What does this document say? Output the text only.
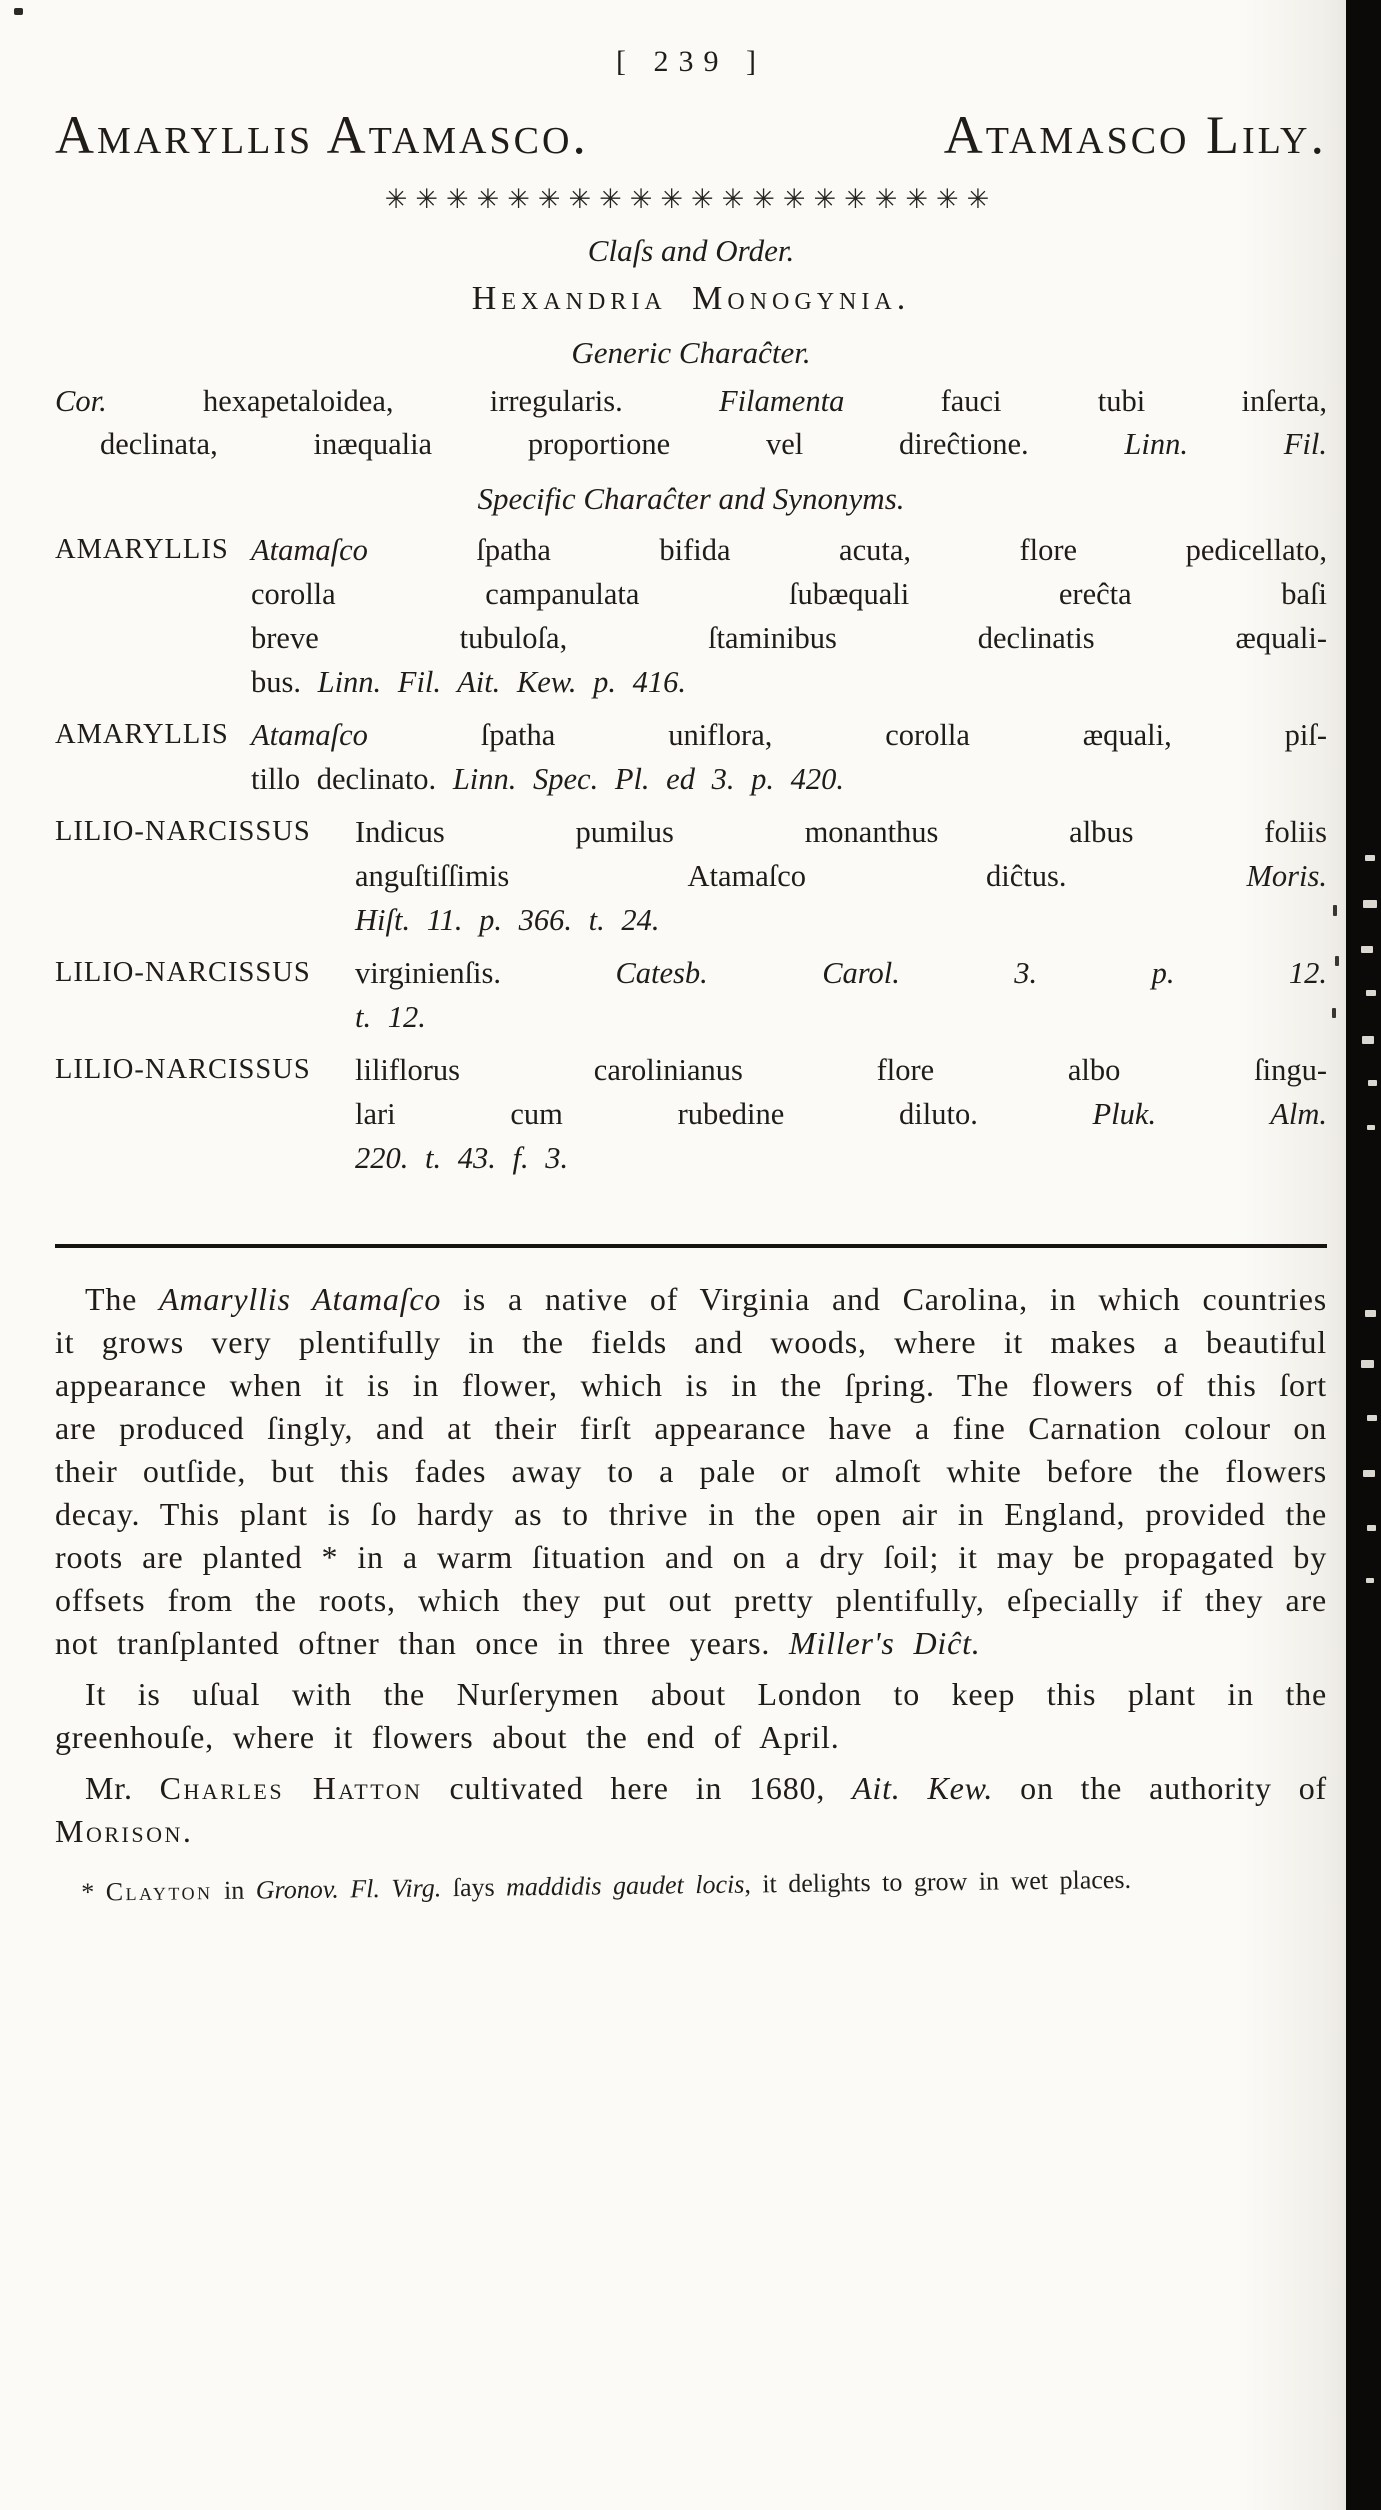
[ 239 ]
Amaryllis Atamasco.	Atamasco Lily.
✳✳✳✳✳✳✳✳✳✳✳✳✳✳✳✳✳✳✳✳
Claſs and Order.
Hexandria Monogynia.
Generic Charaĉter.
Cor. hexapetaloidea, irregularis. Filamenta fauci tubi inſerta,
declinata, inæqualia proportione vel direĉtione. Linn. Fil.
Specific Charaĉter and Synonyms.
AMARYLLIS Atamaſco ſpatha bifida acuta, flore pedicellato,
corolla campanulata ſubæquali ereĉta baſi
breve tubuloſa, ſtaminibus declinatis æquali-
bus. Linn. Fil. Ait. Kew. p. 416.
AMARYLLIS Atamaſco ſpatha uniflora, corolla æquali, piſ-
tillo declinato. Linn. Spec. Pl. ed 3. p. 420.
LILIO-NARCISSUS	Indicus pumilus monanthus albus foliis
anguſtiſſimis Atamaſco diĉtus. Moris.
Hiſt. 11. p. 366. t. 24.
LILIO-NARCISSUS	virginienſis. Catesb. Carol. 3. p. 12.
t. 12.
LILIO-NARCISSUS	liliflorus carolinianus flore albo ſingu-
lari cum rubedine diluto. Pluk. Alm.
220. t. 43. f. 3.

The Amaryllis Atamaſco is a native of Virginia and Carolina, in which countries it grows very plentifully in the fields and woods, where it makes a beautiful appearance when it is in flower, which is in the ſpring. The flowers of this ſort are produced ſingly, and at their firſt appearance have a fine Carnation colour on their outſide, but this fades away to a pale or almoſt white before the flowers decay. This plant is ſo hardy as to thrive in the open air in England, provided the roots are planted * in a warm ſituation and on a dry ſoil; it may be propagated by offsets from the roots, which they put out pretty plentifully, eſpecially if they are not tranſplanted oftner than once in three years. Miller's Diĉt.

It is uſual with the Nurſerymen about London to keep this plant in the greenhouſe, where it flowers about the end of April.

Mr. Charles Hatton cultivated here in 1680, Ait. Kew. on the authority of Morison.

* Clayton in Gronov. Fl. Virg. ſays maddidis gaudet locis, it delights to grow in wet places.
